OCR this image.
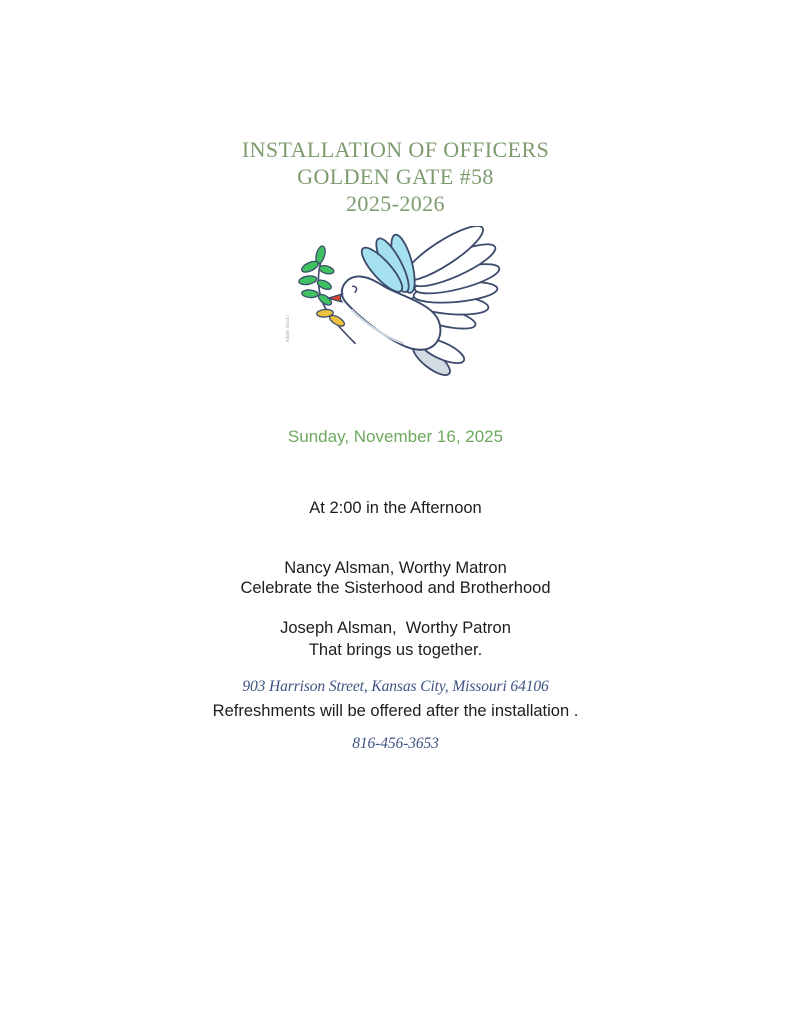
INSTALLATION OF OFFICERS
GOLDEN GATE #58
2025-2026
Adobe Stock |
Sunday, November 16, 2025

At 2:00 in the Afternoon

Nancy Alsman, Worthy Matron

Joseph Alsman,  Worthy Patron

Celebrate the Sisterhood and Brotherhood

That brings us together.

Refreshments will be offered after the installation .

903 Harrison Street, Kansas City, Missouri 64106

816-456-3653
